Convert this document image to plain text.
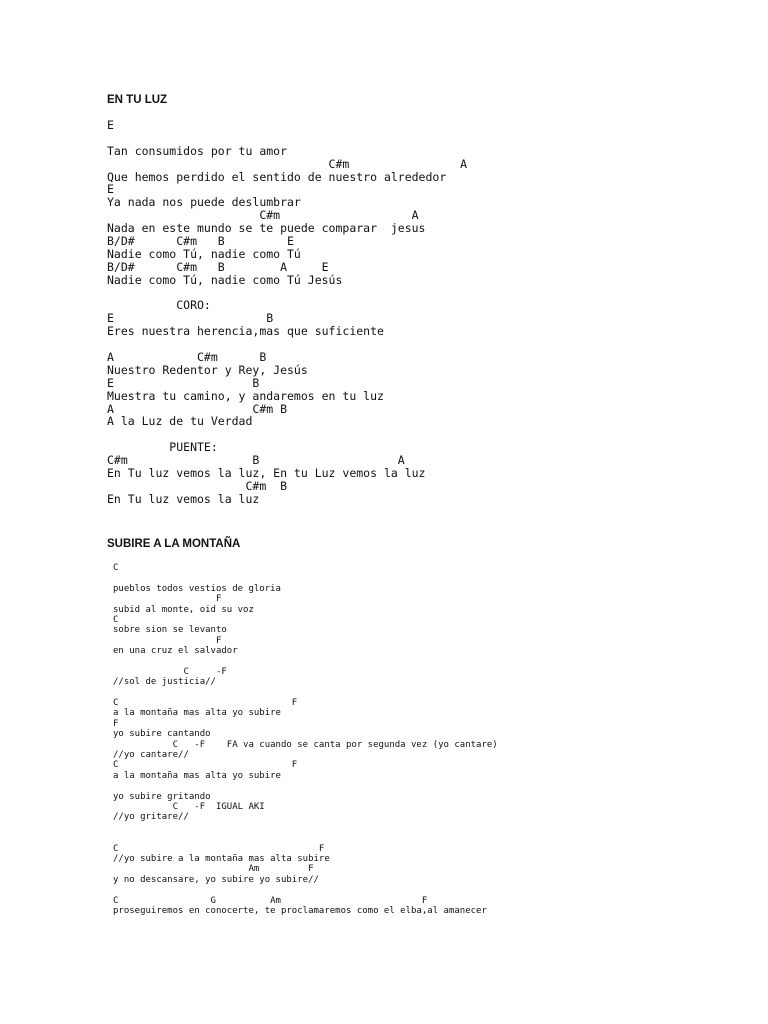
EN TU LUZ
E
Tan consumidos por tu amor
C#m                A
Que hemos perdido el sentido de nuestro alrededor
E
Ya nada nos puede deslumbrar
C#m                   A
Nada en este mundo se te puede comparar  jesus
B/D#      C#m   B         E
Nadie como Tú, nadie como Tú
B/D#      C#m   B        A     E
Nadie como Tú, nadie como Tú Jesús
CORO:
E                      B
Eres nuestra herencia,mas que suficiente
A            C#m      B
Nuestro Redentor y Rey, Jesús
E                    B
Muestra tu camino, y andaremos en tu luz
A                    C#m B
A la Luz de tu Verdad
PUENTE:
C#m                  B                    A
En Tu luz vemos la luz, En tu Luz vemos la luz
C#m  B
En Tu luz vemos la luz
SUBIRE A LA MONTAÑA
C
pueblos todos vestios de gloria
F
subid al monte, oid su voz
C
sobre sion se levanto
F
en una cruz el salvador
C     -F
//sol de justicia//
C                                F
a la montaña mas alta yo subire
F
yo subire cantando
C   -F    FA va cuando se canta por segunda vez (yo cantare)
//yo cantare//
C                                F
a la montaña mas alta yo subire
yo subire gritando
C   -F  IGUAL AKI
//yo gritare//
C                                     F
//yo subire a la montaña mas alta subire
Am         F
y no descansare, yo subire yo subire//
C                 G          Am                          F
proseguiremos en conocerte, te proclamaremos como el elba,al amanecer
